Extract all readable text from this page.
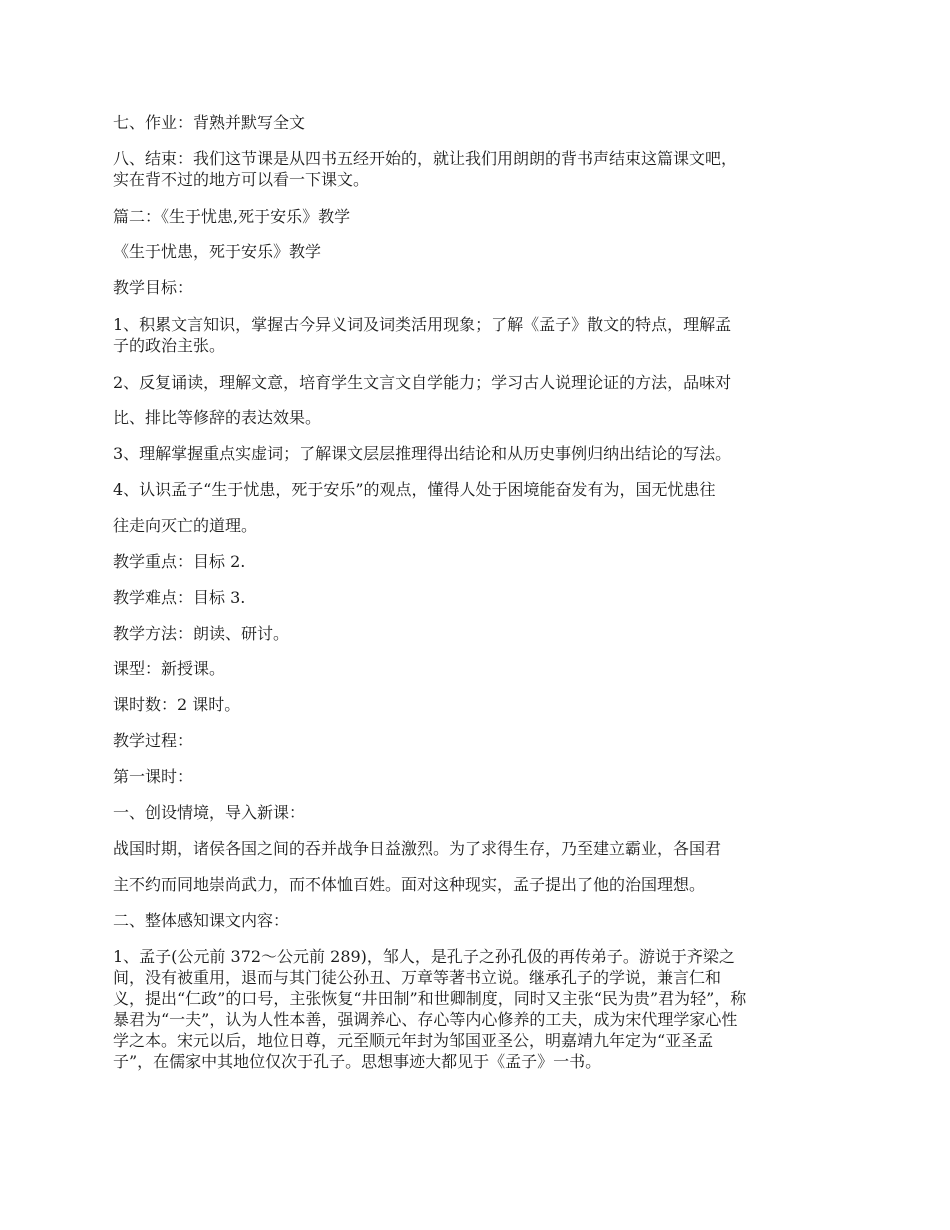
七、作业：背熟并默写全文

八、结束：我们这节课是从四书五经开始的，就让我们用朗朗的背书声结束这篇课文吧，

实在背不过的地方可以看一下课文。

篇二：《生于忧患,死于安乐》教学

《生于忧患，死于安乐》教学

教学目标：

1、积累文言知识，掌握古今异义词及词类活用现象；了解《孟子》散文的特点，理解孟

子的政治主张。

2、反复诵读，理解文意，培育学生文言文自学能力；学习古人说理论证的方法，品味对

比、排比等修辞的表达效果。

3、理解掌握重点实虚词；了解课文层层推理得出结论和从历史事例归纳出结论的写法。

4、认识孟子“生于忧患，死于安乐”的观点，懂得人处于困境能奋发有为，国无忧患往

往走向灭亡的道理。

教学重点：目标 2.

教学难点：目标 3.

教学方法：朗读、研讨。

课型：新授课。

课时数：2 课时。

教学过程：

第一课时：

一、创设情境，导入新课：

战国时期，诸侯各国之间的吞并战争日益激烈。为了求得生存，乃至建立霸业，各国君

主不约而同地崇尚武力，而不体恤百姓。面对这种现实，孟子提出了他的治国理想。

二、整体感知课文内容：

1、孟子(公元前 372～公元前 289)，邹人，是孔子之孙孔伋的再传弟子。游说于齐梁之

间，没有被重用，退而与其门徒公孙丑、万章等著书立说。继承孔子的学说，兼言仁和

义，提出“仁政”的口号，主张恢复“井田制”和世卿制度，同时又主张“民为贵”君为轻”，称

暴君为“一夫”，认为人性本善，强调养心、存心等内心修养的工夫，成为宋代理学家心性

学之本。宋元以后，地位日尊，元至顺元年封为邹国亚圣公，明嘉靖九年定为“亚圣孟

子”，在儒家中其地位仅次于孔子。思想事迹大都见于《孟子》一书。
